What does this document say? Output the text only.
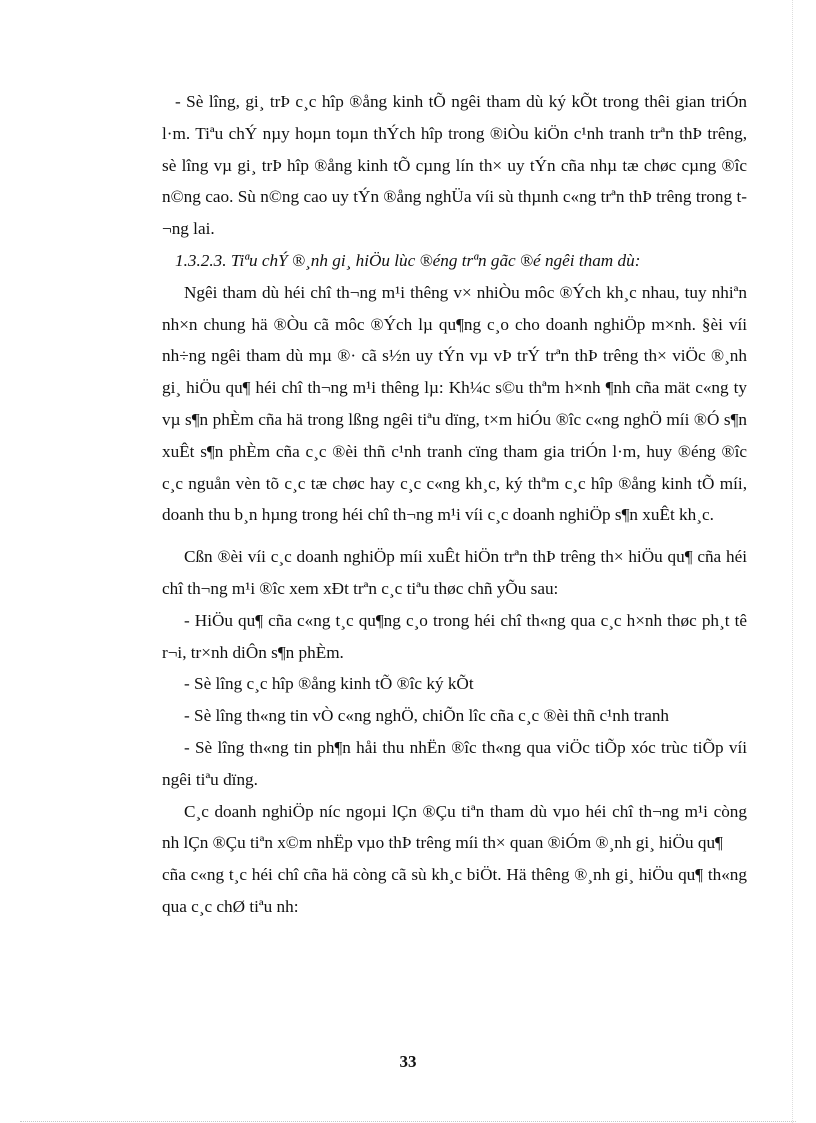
- Sè lîng, gi¸ trÞ c¸c hîp ®ång kinh tÕ ngêi tham dù ký kÕt trong thêi gian triÓn l·m. Tiªu chÝ nµy hoµn toµn thÝch hîp trong ®iÒu kiÖn c¹nh tranh trªn thÞ trêng, sè lîng vµ gi¸ trÞ hîp ®ång kinh tÕ cµng lín th× uy tÝn cña nhµ tæ chøc cµng ®îc n©ng cao. Sù n©ng cao uy tÝn ®ång nghÜa víi sù thµnh c«ng trªn thÞ trêng trong t¬ng lai.

1.3.2.3. Tiªu chÝ ®¸nh gi¸ hiÖu lùc ®éng trªn gãc ®é ngêi tham dù:

Ngêi tham dù héi chî th¬ng m¹i thêng v× nhiÒu môc ®Ých kh¸c nhau, tuy nhiªn nh×n chung hä ®Òu cã môc ®Ých lµ qu¶ng c¸o cho doanh nghiÖp m×nh. §èi víi nh÷ng ngêi tham dù mµ ®· cã s½n uy tÝn vµ vÞ trÝ trªn thÞ trêng th× viÖc ®¸nh gi¸ hiÖu qu¶ héi chî th¬ng m¹i thêng lµ: Kh¼c s©u thªm h×nh ¶nh cña mät c«ng ty vµ s¶n phÈm cña hä trong lßng ngêi tiªu dïng, t×m hiÓu ®îc c«ng nghÖ míi ®Ó s¶n xuÊt s¶n phÈm cña c¸c ®èi thñ c¹nh tranh cïng tham gia triÓn l·m, huy ®éng ®îc c¸c nguån vèn tõ c¸c tæ chøc hay c¸c c«ng kh¸c, ký thªm c¸c hîp ®ång kinh tÕ míi, doanh thu b¸n hµng trong héi chî th¬ng m¹i víi c¸c doanh nghiÖp s¶n xuÊt kh¸c.

Cßn ®èi víi c¸c doanh nghiÖp míi xuÊt hiÖn trªn thÞ trêng th× hiÖu qu¶ cña héi chî th¬ng m¹i ®îc xem xÐt trªn c¸c tiªu thøc chñ yÕu sau:

- HiÖu qu¶ cña c«ng t¸c qu¶ng c¸o trong héi chî th«ng qua c¸c h×nh thøc ph¸t tê r¬i, tr×nh diÔn s¶n phÈm.

- Sè lîng c¸c hîp ®ång kinh tÕ ®îc ký kÕt

- Sè lîng th«ng tin vÒ c«ng nghÖ, chiÕn lîc cña c¸c ®èi thñ c¹nh tranh

- Sè lîng th«ng tin ph¶n håi thu nhËn ®îc th«ng qua viÖc tiÕp xóc trùc tiÕp víi ngêi tiªu dïng.

C¸c doanh nghiÖp níc ngoµi lÇn ®Çu tiªn tham dù vµo héi chî th¬ng m¹i còng nh lÇn ®Çu tiªn x©m nhËp vµo thÞ trêng míi th× quan ®iÓm ®¸nh gi¸ hiÖu qu¶

cña c«ng t¸c héi chî cña hä còng cã sù kh¸c biÖt. Hä thêng ®¸nh gi¸ hiÖu qu¶ th«ng qua c¸c chØ tiªu nh:

33
